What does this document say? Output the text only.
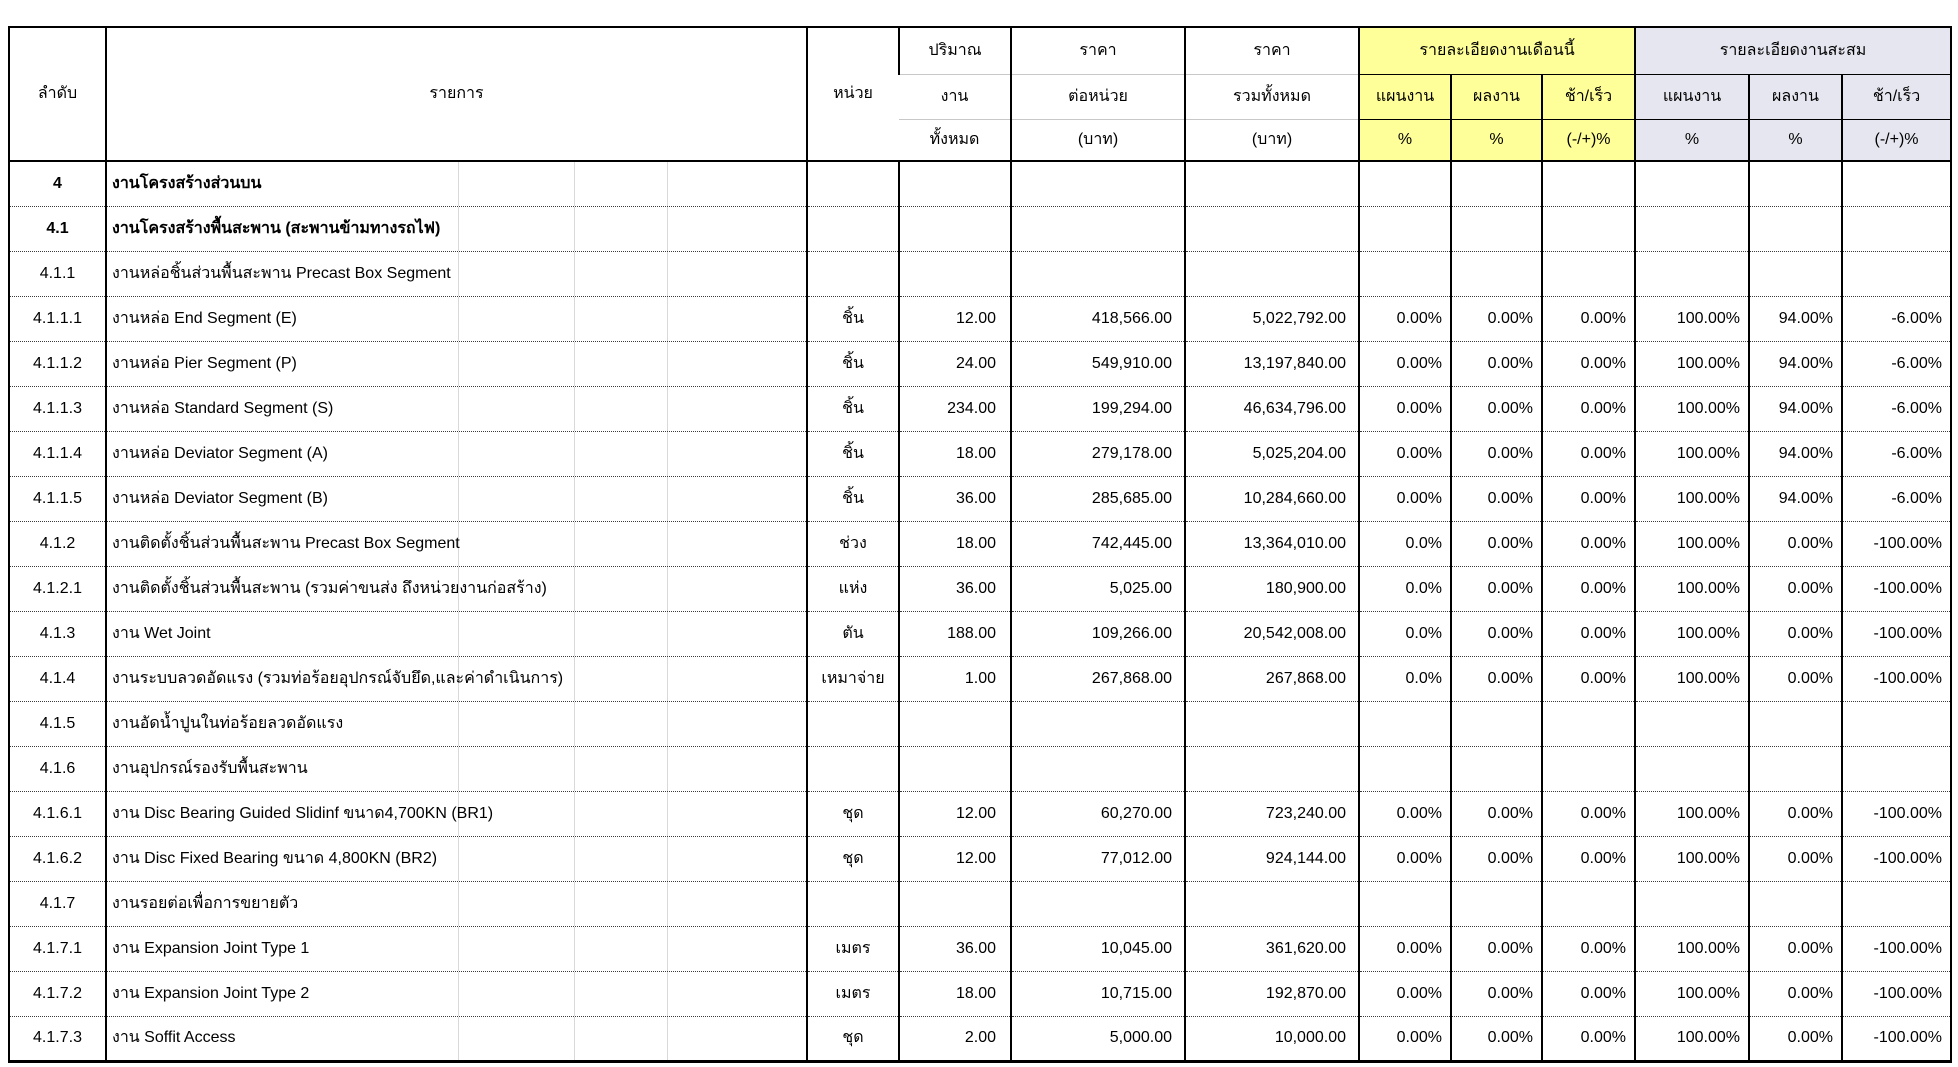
ลำดับ	รายการ	หน่วย	ปริมาณ	ราคา	ราคา	รายละเอียดงานเดือนนี้			รายละเอียดงานสะสม		
			งาน	ต่อหน่วย	รวมทั้งหมด	แผนงาน	ผลงาน	ช้า/เร็ว	แผนงาน	ผลงาน	ช้า/เร็ว
			ทั้งหมด	(บาท)	(บาท)	%	%	(-/+)%	%	%	(-/+)%
4	งานโครงสร้างส่วนบน										
4.1	งานโครงสร้างพื้นสะพาน (สะพานข้ามทางรถไฟ)										
4.1.1	งานหล่อชิ้นส่วนพื้นสะพาน Precast Box Segment										
4.1.1.1	งานหล่อ End Segment (E)	ชิ้น	12.00	418,566.00	5,022,792.00	0.00%	0.00%	0.00%	100.00%	94.00%	-6.00%
4.1.1.2	งานหล่อ Pier Segment (P)	ชิ้น	24.00	549,910.00	13,197,840.00	0.00%	0.00%	0.00%	100.00%	94.00%	-6.00%
4.1.1.3	งานหล่อ Standard Segment (S)	ชิ้น	234.00	199,294.00	46,634,796.00	0.00%	0.00%	0.00%	100.00%	94.00%	-6.00%
4.1.1.4	งานหล่อ Deviator Segment (A)	ชิ้น	18.00	279,178.00	5,025,204.00	0.00%	0.00%	0.00%	100.00%	94.00%	-6.00%
4.1.1.5	งานหล่อ Deviator Segment (B)	ชิ้น	36.00	285,685.00	10,284,660.00	0.00%	0.00%	0.00%	100.00%	94.00%	-6.00%
4.1.2	งานติดตั้งชิ้นส่วนพื้นสะพาน Precast Box Segment	ช่วง	18.00	742,445.00	13,364,010.00	0.0%	0.00%	0.00%	100.00%	0.00%	-100.00%
4.1.2.1	งานติดตั้งชิ้นส่วนพื้นสะพาน (รวมค่าขนส่ง ถึงหน่วยงานก่อสร้าง)	แห่ง	36.00	5,025.00	180,900.00	0.0%	0.00%	0.00%	100.00%	0.00%	-100.00%
4.1.3	งาน Wet Joint	ตัน	188.00	109,266.00	20,542,008.00	0.0%	0.00%	0.00%	100.00%	0.00%	-100.00%
4.1.4	งานระบบลวดอัดแรง (รวมท่อร้อยอุปกรณ์จับยึด,และค่าดำเนินการ)	เหมาจ่าย	1.00	267,868.00	267,868.00	0.0%	0.00%	0.00%	100.00%	0.00%	-100.00%
4.1.5	งานอัดน้ำปูนในท่อร้อยลวดอัดแรง										
4.1.6	งานอุปกรณ์รองรับพื้นสะพาน										
4.1.6.1	งาน Disc Bearing Guided Slidinf ขนาด4,700KN (BR1)	ชุด	12.00	60,270.00	723,240.00	0.00%	0.00%	0.00%	100.00%	0.00%	-100.00%
4.1.6.2	งาน Disc Fixed Bearing ขนาด 4,800KN (BR2)	ชุด	12.00	77,012.00	924,144.00	0.00%	0.00%	0.00%	100.00%	0.00%	-100.00%
4.1.7	งานรอยต่อเพื่อการขยายตัว										
4.1.7.1	งาน Expansion Joint Type 1	เมตร	36.00	10,045.00	361,620.00	0.00%	0.00%	0.00%	100.00%	0.00%	-100.00%
4.1.7.2	งาน Expansion Joint Type 2	เมตร	18.00	10,715.00	192,870.00	0.00%	0.00%	0.00%	100.00%	0.00%	-100.00%
4.1.7.3	งาน Soffit Access	ชุด	2.00	5,000.00	10,000.00	0.00%	0.00%	0.00%	100.00%	0.00%	-100.00%
